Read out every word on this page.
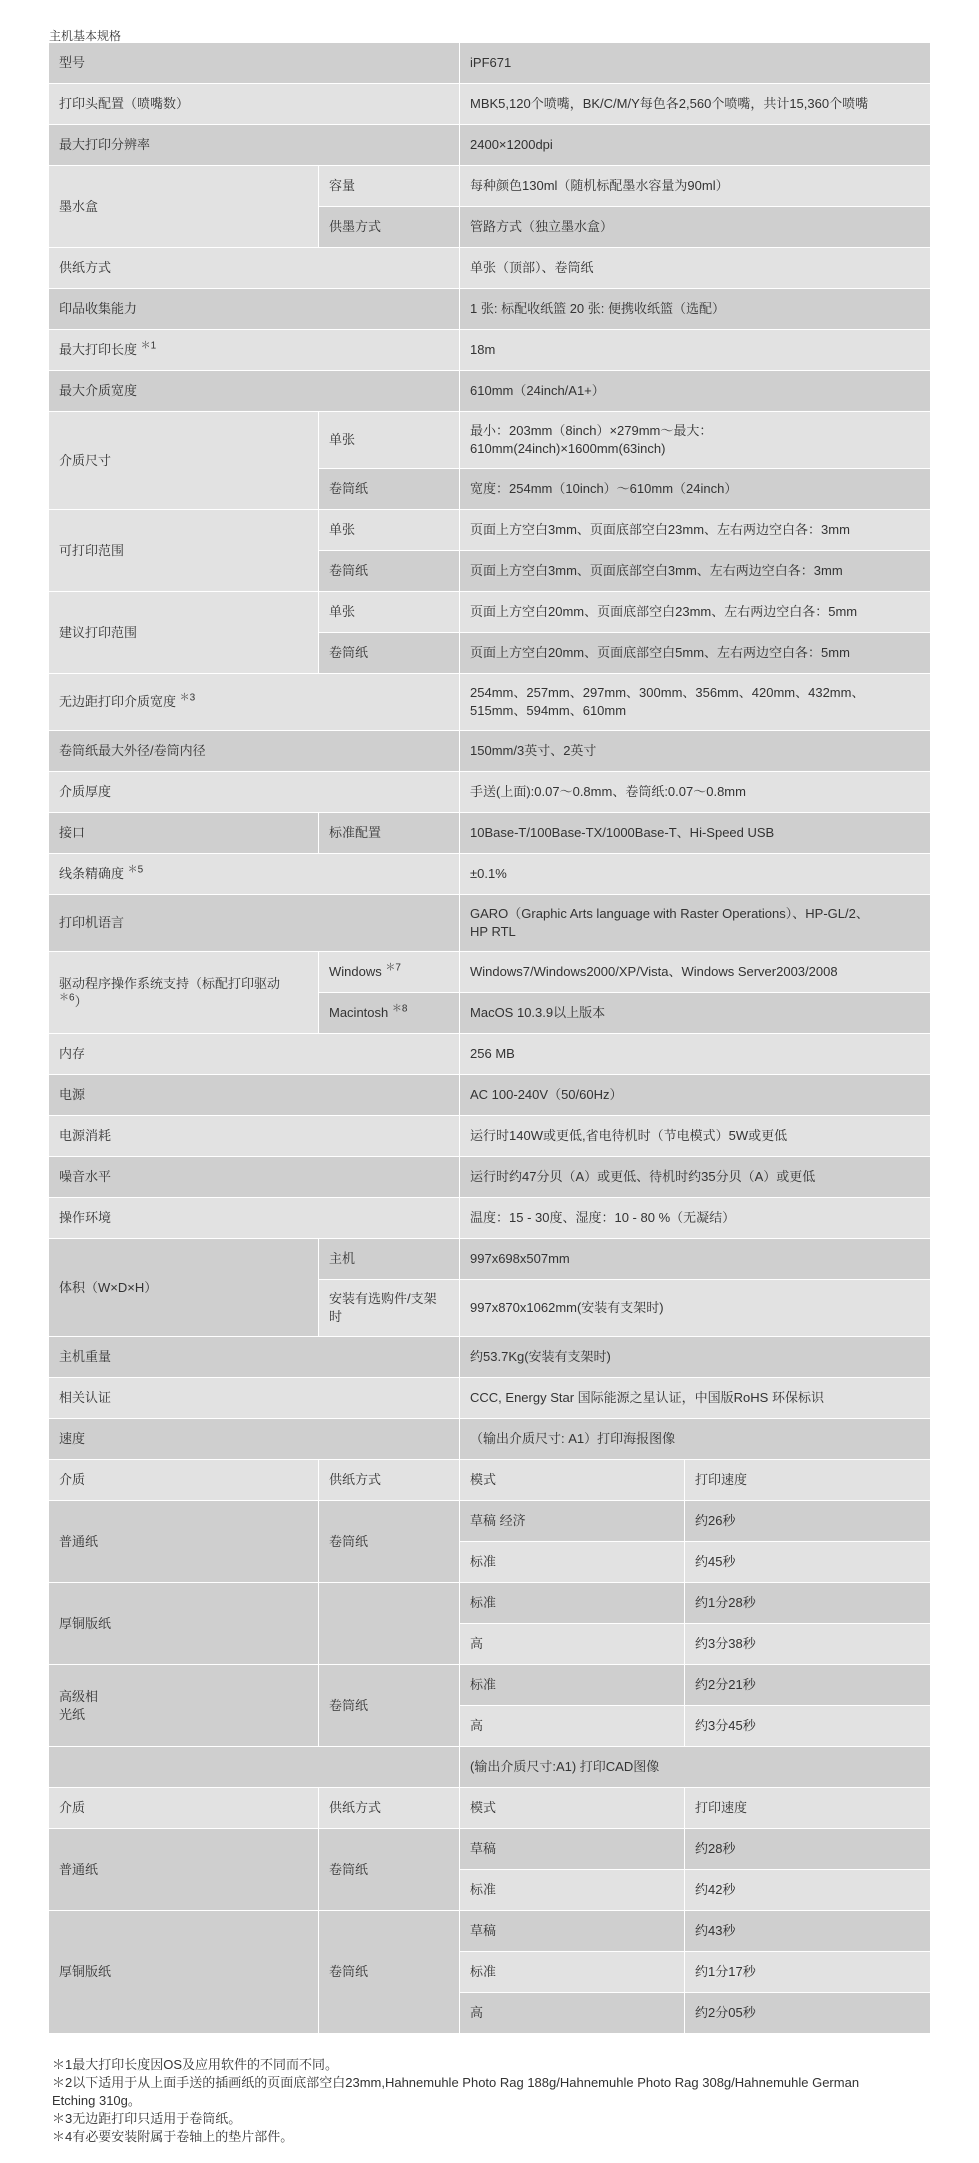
主机基本规格
型号		iPF671	
打印头配置（喷嘴数）		MBK5,120个喷嘴，BK/C/M/Y每色各2,560个喷嘴，共计15,360个喷嘴	
最大打印分辨率		2400×1200dpi	
墨水盒	容量	每种颜色130ml（随机标配墨水容量为90ml）	
	供墨方式	管路方式（独立墨水盒）	
供纸方式		单张（顶部）、卷筒纸	
印品收集能力		1 张: 标配收纸篮 20 张: 便携收纸篮（选配）	
最大打印长度 $^{*1}$		18m	
最大介质宽度		610mm（24inch/A1+）	
介质尺寸	单张	最小：203mm（8inch）×279mm～最大：
610mm(24inch)×1600mm(63inch)	

	卷筒纸	宽度：254mm（10inch）～610mm（24inch）	
可打印范围	单张	页面上方空白3mm、页面底部空白23mm、左右两边空白各：3mm	
	卷筒纸	页面上方空白3mm、页面底部空白3mm、左右两边空白各：3mm	
建议打印范围	单张	页面上方空白20mm、页面底部空白23mm、左右两边空白各：5mm	
	卷筒纸	页面上方空白20mm、页面底部空白5mm、左右两边空白各：5mm	
无边距打印介质宽度 $^{*3}$		254mm、257mm、297mm、300mm、356mm、420mm、432mm、
515mm、594mm、610mm	

卷筒纸最大外径/卷筒内径		150mm/3英寸、2英寸	
介质厚度		手送(上面):0.07～0.8mm、卷筒纸:0.07～0.8mm	
接口	标准配置	10Base-T/100Base-TX/1000Base-T、Hi-Speed USB	
线条精确度 $^{*5}$		±0.1%	
打印机语言		GARO（Graphic Arts language with Raster Operations）、HP-GL/2、
HP RTL	

驱动程序操作系统支持（标配打印驱动
$^{*6}$）	Windows $^{*7}$	Windows7/Windows2000/XP/Vista、Windows Server2003/2008	
	Macintosh $^{*8}$	MacOS 10.3.9以上版本	
内存		256 MB	
电源		AC 100-240V（50/60Hz）	
电源消耗		运行时140W或更低,省电待机时（节电模式）5W或更低	
噪音水平		运行时约47分贝（A）或更低、待机时约35分贝（A）或更低	
操作环境		温度：15 - 30度、湿度：10 - 80 %（无凝结）	
体积（W×D×H）	主机	997x698x507mm	

	安装有选购件/支架
时	997x870x1062mm(安装有支架时)	
主机重量		约53.7Kg(安装有支架时)	
相关认证		CCC, Energy Star 国际能源之星认证，中国版RoHS 环保标识	
速度		（输出介质尺寸: A1）打印海报图像	
介质	供纸方式	模式	打印速度
普通纸	卷筒纸	草稿 经济	约26秒
		标准	约45秒
厚铜版纸		标准	约1分28秒
		高	约3分38秒

高级相
光纸	卷筒纸	标准	约2分21秒
		高	约3分45秒
		(输出介质尺寸:A1) 打印CAD图像	
介质	供纸方式	模式	打印速度
普通纸	卷筒纸	草稿	约28秒
		标准	约42秒
厚铜版纸	卷筒纸	草稿	约43秒
		标准	约1分17秒
		高	约2分05秒
＊1最大打印长度因OS及应用软件的不同而不同。
＊2以下适用于从上面手送的插画纸的页面底部空白23mm,Hahnemuhle Photo Rag 188g/Hahnemuhle Photo Rag 308g/Hahnemuhle German
Etching 310g。
＊3无边距打印只适用于卷筒纸。
＊4有必要安装附属于卷轴上的垫片部件。
